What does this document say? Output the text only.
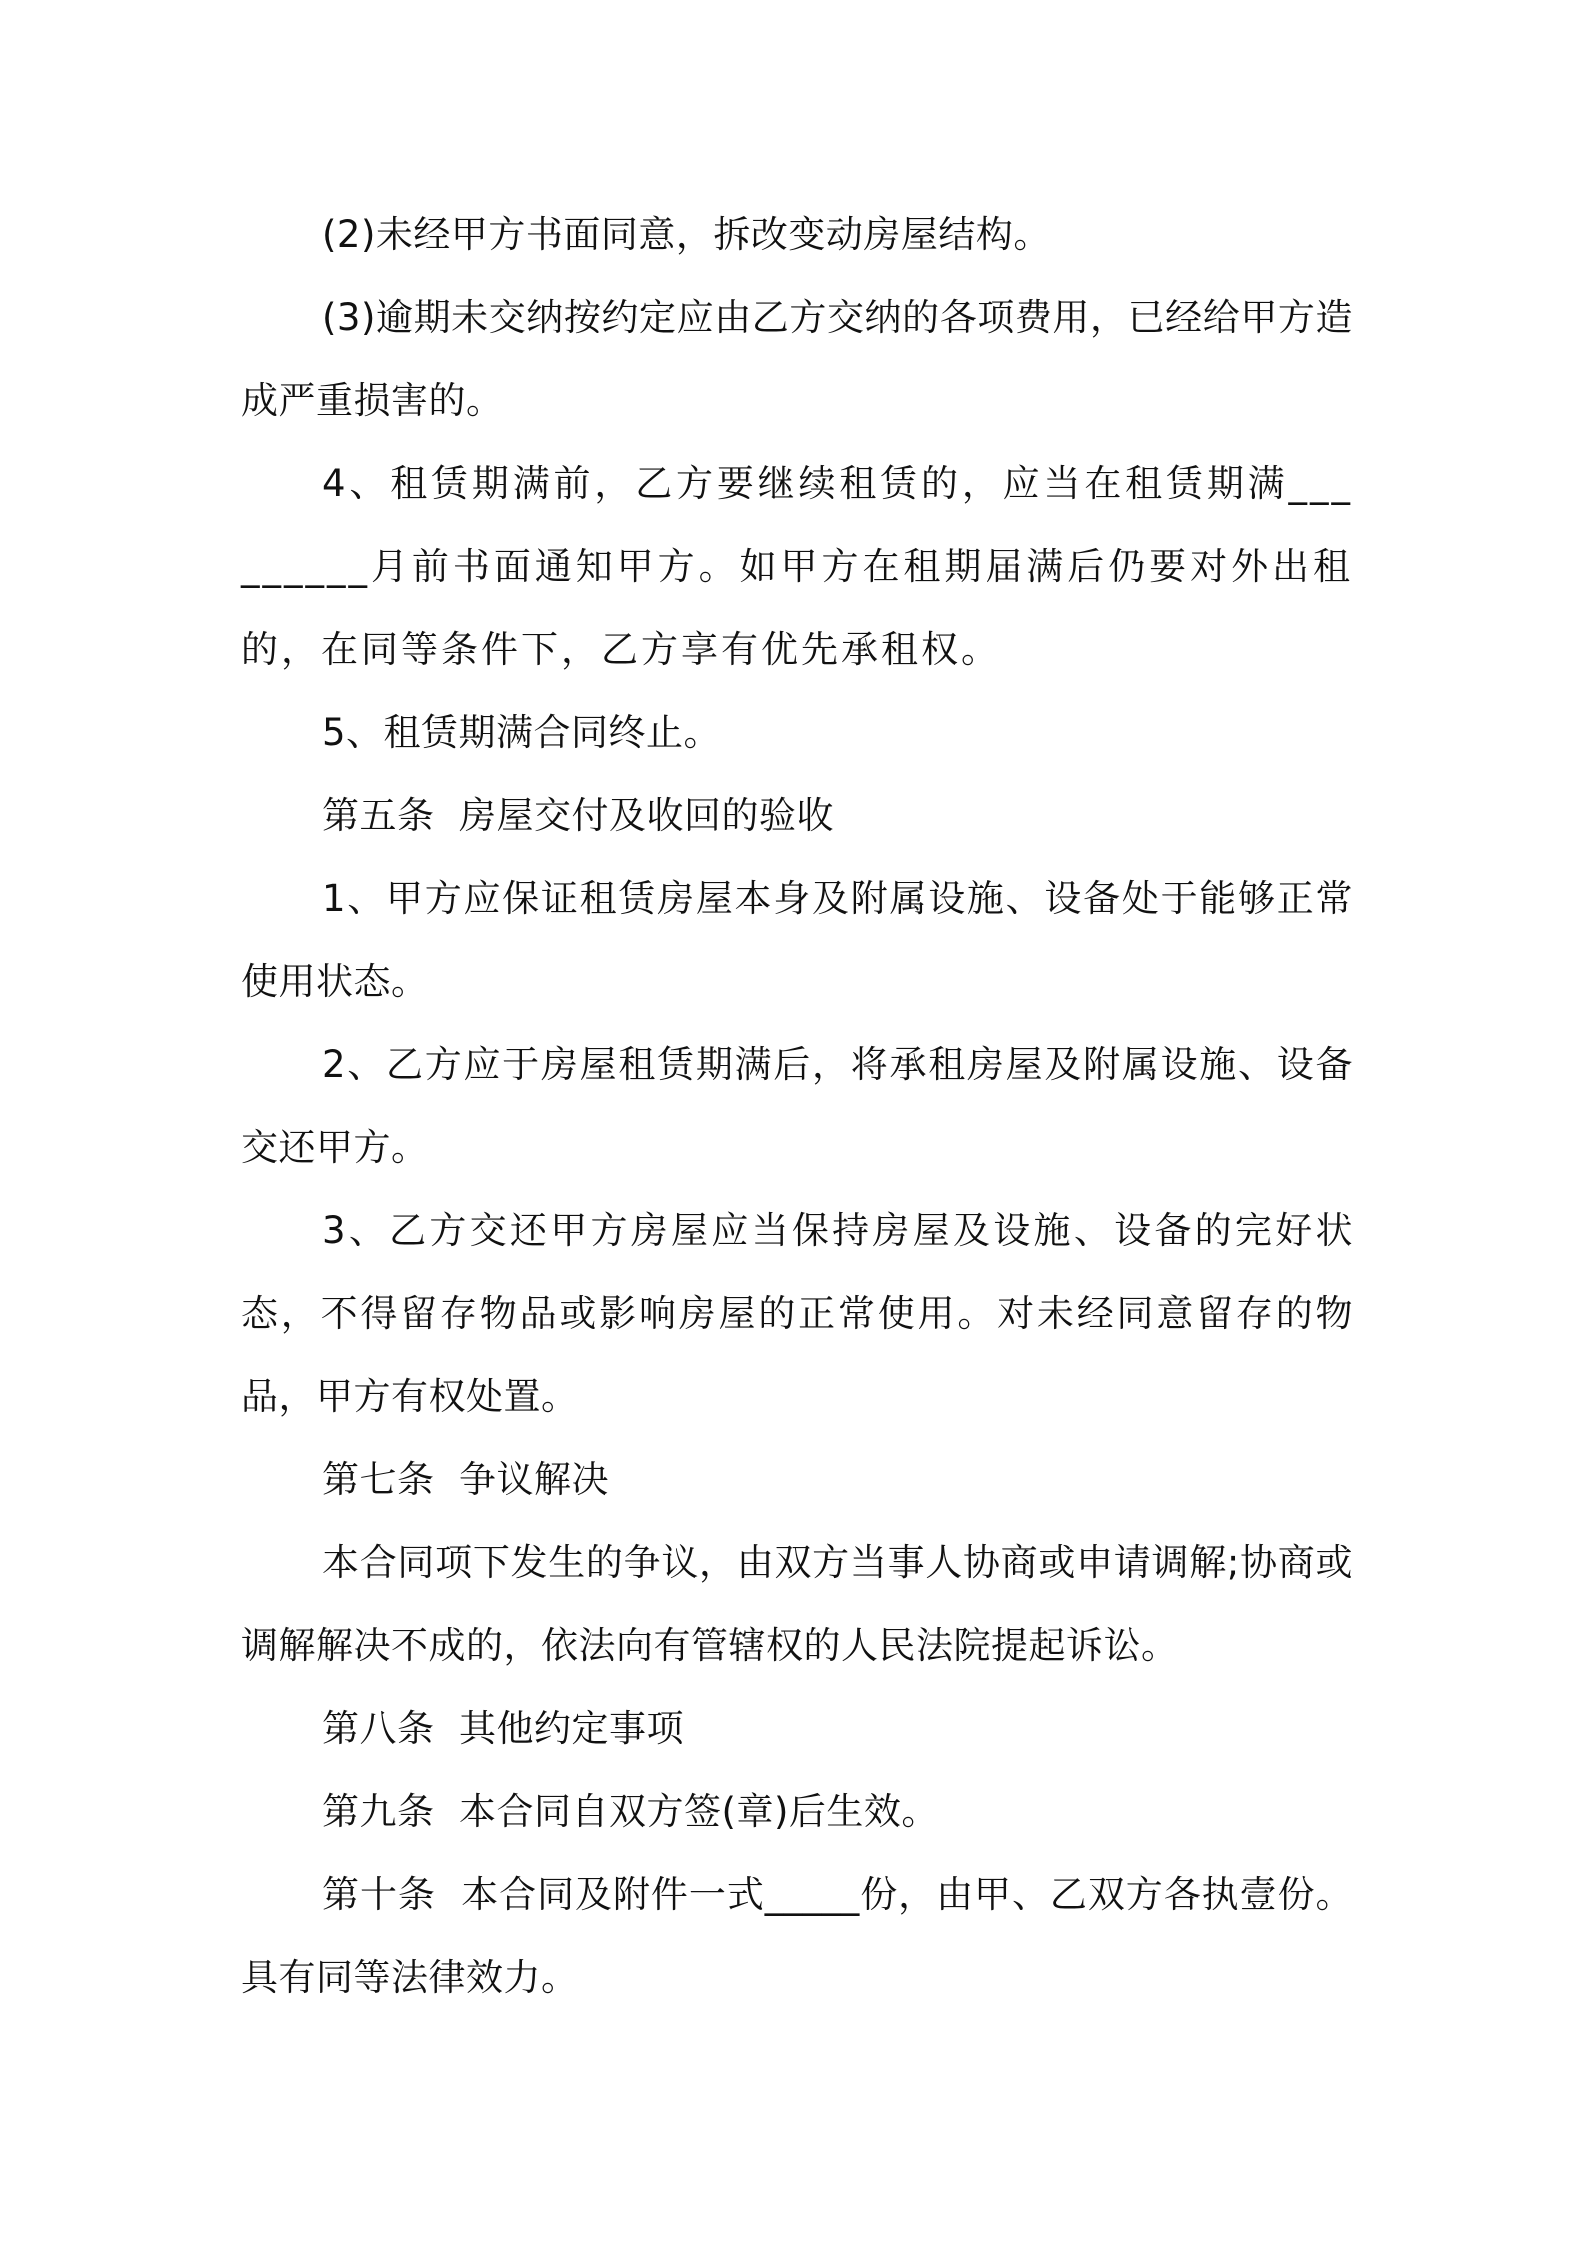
(2)未经甲方书面同意，拆改变动房屋结构。

(3)逾期未交纳按约定应由乙方交纳的各项费用，已经给甲方造成严重损害的。

4、租赁期满前，乙方要继续租赁的，应当在租赁期满_________月前书面通知甲方。如甲方在租期届满后仍要对外出租的，在同等条件下，乙方享有优先承租权。

5、租赁期满合同终止。

第五条  房屋交付及收回的验收

1、甲方应保证租赁房屋本身及附属设施、设备处于能够正常使用状态。

2、乙方应于房屋租赁期满后，将承租房屋及附属设施、设备交还甲方。

3、乙方交还甲方房屋应当保持房屋及设施、设备的完好状态，不得留存物品或影响房屋的正常使用。对未经同意留存的物品，甲方有权处置。

第七条  争议解决

本合同项下发生的争议，由双方当事人协商或申请调解;协商或调解解决不成的，依法向有管辖权的人民法院提起诉讼。

第八条  其他约定事项

第九条  本合同自双方签(章)后生效。

第十条  本合同及附件一式_____份，由甲、乙双方各执壹份。具有同等法律效力。
